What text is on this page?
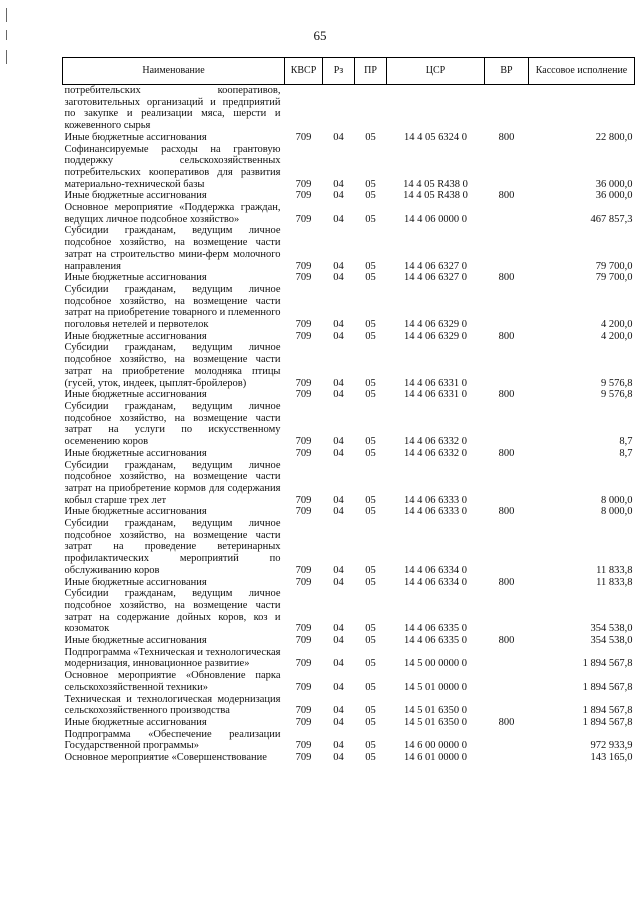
65
Наименование	КВСР	Рз	ПР	ЦСР	ВР	Кассовое исполнение
потребительских кооперативов, заготовительных организаций и предприятий по закупке и реализации мяса, шерсти и кожевенного сырья						
Иные бюджетные ассигнования	709	04	05	14 4 05 6324 0	800	22 800,0
Софинансируемые расходы на грантовую поддержку сельскохозяйственных потребительских кооперативов для развития материально-технической базы	709	04	05	14 4 05 R438 0		36 000,0
Иные бюджетные ассигнования	709	04	05	14 4 05 R438 0	800	36 000,0
Основное мероприятие «Поддержка граждан, ведущих личное подсобное хозяйство»	709	04	05	14 4 06 0000 0		467 857,3
Субсидии гражданам, ведущим личное подсобное хозяйство, на возмещение части затрат на строительство мини-ферм молочного направления	709	04	05	14 4 06 6327 0		79 700,0
Иные бюджетные ассигнования	709	04	05	14 4 06 6327 0	800	79 700,0
Субсидии гражданам, ведущим личное подсобное хозяйство, на возмещение части затрат на приобретение товарного и племенного поголовья нетелей и первотелок	709	04	05	14 4 06 6329 0		4 200,0
Иные бюджетные ассигнования	709	04	05	14 4 06 6329 0	800	4 200,0
Субсидии гражданам, ведущим личное подсобное хозяйство, на возмещение части затрат на приобретение молодняка птицы (гусей, уток, индеек, цыплят-бройлеров)	709	04	05	14 4 06 6331 0		9 576,8
Иные бюджетные ассигнования	709	04	05	14 4 06 6331 0	800	9 576,8
Субсидии гражданам, ведущим личное подсобное хозяйство, на возмещение части затрат на услуги по искусственному осеменению коров	709	04	05	14 4 06 6332 0		8,7
Иные бюджетные ассигнования	709	04	05	14 4 06 6332 0	800	8,7
Субсидии гражданам, ведущим личное подсобное хозяйство, на возмещение части затрат на приобретение кормов для содержания кобыл старше трех лет	709	04	05	14 4 06 6333 0		8 000,0
Иные бюджетные ассигнования	709	04	05	14 4 06 6333 0	800	8 000,0
Субсидии гражданам, ведущим личное подсобное хозяйство, на возмещение части затрат на проведение ветеринарных профилактических мероприятий по обслуживанию коров	709	04	05	14 4 06 6334 0		11 833,8
Иные бюджетные ассигнования	709	04	05	14 4 06 6334 0	800	11 833,8
Субсидии гражданам, ведущим личное подсобное хозяйство, на возмещение части затрат на содержание дойных коров, коз и козоматок	709	04	05	14 4 06 6335 0		354 538,0
Иные бюджетные ассигнования	709	04	05	14 4 06 6335 0	800	354 538,0
Подпрограмма «Техническая и технологическая модернизация, инновационное развитие»	709	04	05	14 5 00 0000 0		1 894 567,8
Основное мероприятие «Обновление парка сельскохозяйственной техники»	709	04	05	14 5 01 0000 0		1 894 567,8
Техническая и технологическая модернизация сельскохозяйственного производства	709	04	05	14 5 01 6350 0		1 894 567,8
Иные бюджетные ассигнования	709	04	05	14 5 01 6350 0	800	1 894 567,8
Подпрограмма «Обеспечение реализации Государственной программы»	709	04	05	14 6 00 0000 0		972 933,9
Основное мероприятие «Совершенствование	709	04	05	14 6 01 0000 0		143 165,0
